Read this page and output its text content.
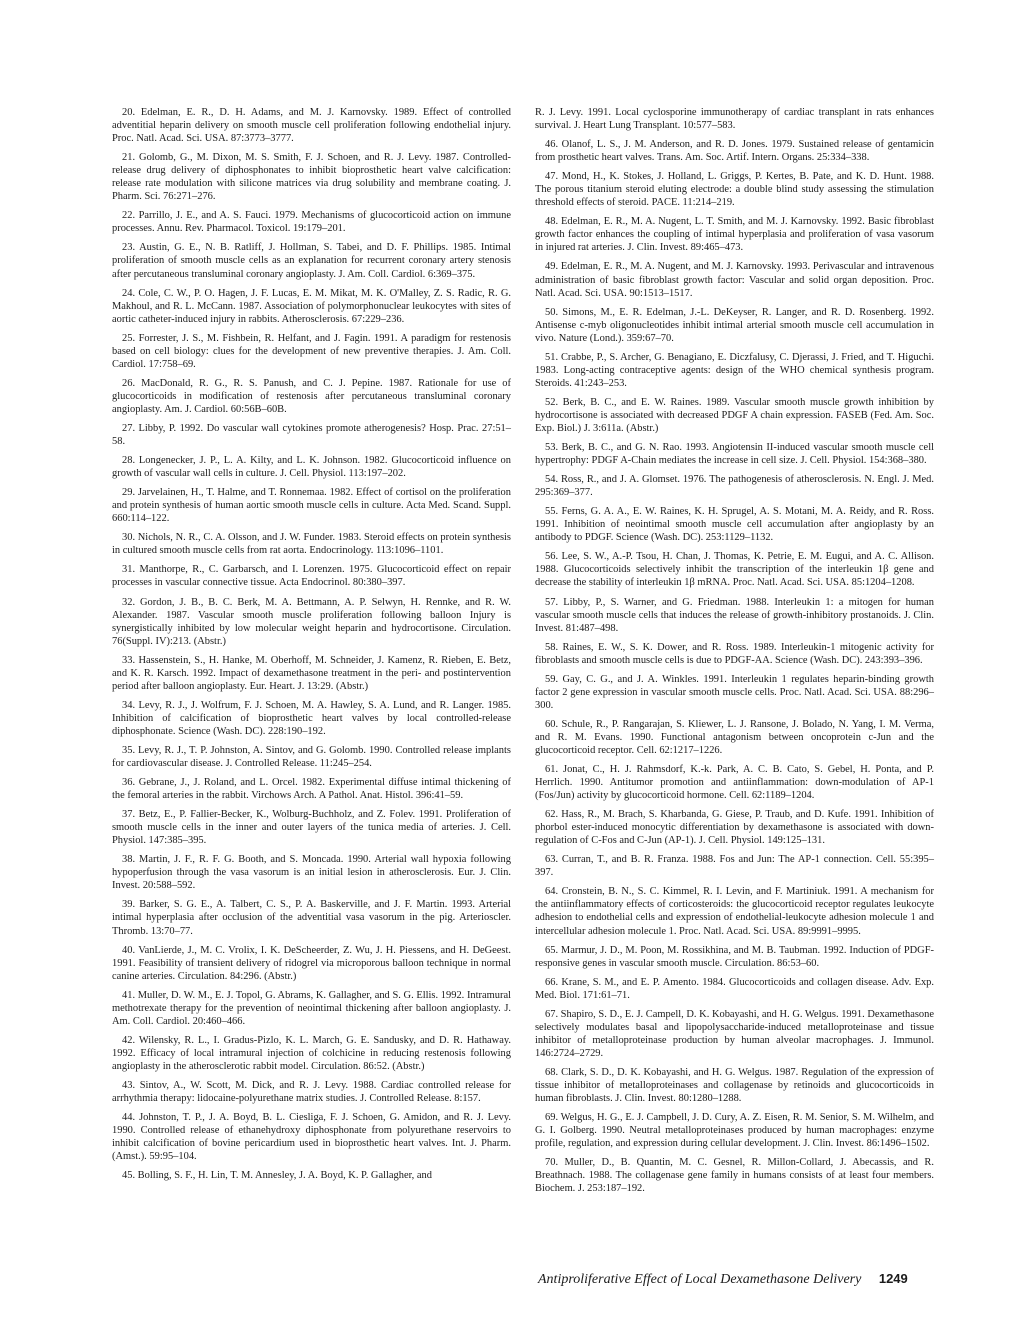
20. Edelman, E. R., D. H. Adams, and M. J. Karnovsky. 1989. Effect of controlled adventitial heparin delivery on smooth muscle cell proliferation following endothelial injury. Proc. Natl. Acad. Sci. USA. 87:3773–3777.

21. Golomb, G., M. Dixon, M. S. Smith, F. J. Schoen, and R. J. Levy. 1987. Controlled-release drug delivery of diphosphonates to inhibit bioprosthetic heart valve calcification: release rate modulation with silicone matrices via drug solubility and membrane coating. J. Pharm. Sci. 76:271–276.

22. Parrillo, J. E., and A. S. Fauci. 1979. Mechanisms of glucocorticoid action on immune processes. Annu. Rev. Pharmacol. Toxicol. 19:179–201.

23. Austin, G. E., N. B. Ratliff, J. Hollman, S. Tabei, and D. F. Phillips. 1985. Intimal proliferation of smooth muscle cells as an explanation for recurrent coronary artery stenosis after percutaneous transluminal coronary angioplasty. J. Am. Coll. Cardiol. 6:369–375.

24. Cole, C. W., P. O. Hagen, J. F. Lucas, E. M. Mikat, M. K. O'Malley, Z. S. Radic, R. G. Makhoul, and R. L. McCann. 1987. Association of polymorphonuclear leukocytes with sites of aortic catheter-induced injury in rabbits. Atherosclerosis. 67:229–236.

25. Forrester, J. S., M. Fishbein, R. Helfant, and J. Fagin. 1991. A paradigm for restenosis based on cell biology: clues for the development of new preventive therapies. J. Am. Coll. Cardiol. 17:758–69.

26. MacDonald, R. G., R. S. Panush, and C. J. Pepine. 1987. Rationale for use of glucocorticoids in modification of restenosis after percutaneous transluminal coronary angioplasty. Am. J. Cardiol. 60:56B–60B.

27. Libby, P. 1992. Do vascular wall cytokines promote atherogenesis? Hosp. Prac. 27:51–58.

28. Longenecker, J. P., L. A. Kilty, and L. K. Johnson. 1982. Glucocorticoid influence on growth of vascular wall cells in culture. J. Cell. Physiol. 113:197–202.

29. Jarvelainen, H., T. Halme, and T. Ronnemaa. 1982. Effect of cortisol on the proliferation and protein synthesis of human aortic smooth muscle cells in culture. Acta Med. Scand. Suppl. 660:114–122.

30. Nichols, N. R., C. A. Olsson, and J. W. Funder. 1983. Steroid effects on protein synthesis in cultured smooth muscle cells from rat aorta. Endocrinology. 113:1096–1101.

31. Manthorpe, R., C. Garbarsch, and I. Lorenzen. 1975. Glucocorticoid effect on repair processes in vascular connective tissue. Acta Endocrinol. 80:380–397.

32. Gordon, J. B., B. C. Berk, M. A. Bettmann, A. P. Selwyn, H. Rennke, and R. W. Alexander. 1987. Vascular smooth muscle proliferation following balloon Injury is synergistically inhibited by low molecular weight heparin and hydrocortisone. Circulation. 76(Suppl. IV):213. (Abstr.)

33. Hassenstein, S., H. Hanke, M. Oberhoff, M. Schneider, J. Kamenz, R. Rieben, E. Betz, and K. R. Karsch. 1992. Impact of dexamethasone treatment in the peri- and postintervention period after balloon angioplasty. Eur. Heart. J. 13:29. (Abstr.)

34. Levy, R. J., J. Wolfrum, F. J. Schoen, M. A. Hawley, S. A. Lund, and R. Langer. 1985. Inhibition of calcification of bioprosthetic heart valves by local controlled-release diphosphonate. Science (Wash. DC). 228:190–192.

35. Levy, R. J., T. P. Johnston, A. Sintov, and G. Golomb. 1990. Controlled release implants for cardiovascular disease. J. Controlled Release. 11:245–254.

36. Gebrane, J., J. Roland, and L. Orcel. 1982. Experimental diffuse intimal thickening of the femoral arteries in the rabbit. Virchows Arch. A Pathol. Anat. Histol. 396:41–59.

37. Betz, E., P. Fallier-Becker, K., Wolburg-Buchholz, and Z. Folev. 1991. Proliferation of smooth muscle cells in the inner and outer layers of the tunica media of arteries. J. Cell. Physiol. 147:385–395.

38. Martin, J. F., R. F. G. Booth, and S. Moncada. 1990. Arterial wall hypoxia following hypoperfusion through the vasa vasorum is an initial lesion in atherosclerosis. Eur. J. Clin. Invest. 20:588–592.

39. Barker, S. G. E., A. Talbert, C. S., P. A. Baskerville, and J. F. Martin. 1993. Arterial intimal hyperplasia after occlusion of the adventitial vasa vasorum in the pig. Arterioscler. Thromb. 13:70–77.

40. VanLierde, J., M. C. Vrolix, I. K. DeScheerder, Z. Wu, J. H. Piessens, and H. DeGeest. 1991. Feasibility of transient delivery of ridogrel via microporous balloon technique in normal canine arteries. Circulation. 84:296. (Abstr.)

41. Muller, D. W. M., E. J. Topol, G. Abrams, K. Gallagher, and S. G. Ellis. 1992. Intramural methotrexate therapy for the prevention of neointimal thickening after balloon angioplasty. J. Am. Coll. Cardiol. 20:460–466.

42. Wilensky, R. L., I. Gradus-Pizlo, K. L. March, G. E. Sandusky, and D. R. Hathaway. 1992. Efficacy of local intramural injection of colchicine in reducing restenosis following angioplasty in the atherosclerotic rabbit model. Circulation. 86:52. (Abstr.)

43. Sintov, A., W. Scott, M. Dick, and R. J. Levy. 1988. Cardiac controlled release for arrhythmia therapy: lidocaine-polyurethane matrix studies. J. Controlled Release. 8:157.

44. Johnston, T. P., J. A. Boyd, B. L. Ciesliga, F. J. Schoen, G. Amidon, and R. J. Levy. 1990. Controlled release of ethanehydroxy diphosphonate from polyurethane reservoirs to inhibit calcification of bovine pericardium used in bioprosthetic heart valves. Int. J. Pharm. (Amst.). 59:95–104.

45. Bolling, S. F., H. Lin, T. M. Annesley, J. A. Boyd, K. P. Gallagher, and

R. J. Levy. 1991. Local cyclosporine immunotherapy of cardiac transplant in rats enhances survival. J. Heart Lung Transplant. 10:577–583.

46. Olanof, L. S., J. M. Anderson, and R. D. Jones. 1979. Sustained release of gentamicin from prosthetic heart valves. Trans. Am. Soc. Artif. Intern. Organs. 25:334–338.

47. Mond, H., K. Stokes, J. Holland, L. Griggs, P. Kertes, B. Pate, and K. D. Hunt. 1988. The porous titanium steroid eluting electrode: a double blind study assessing the stimulation threshold effects of steroid. PACE. 11:214–219.

48. Edelman, E. R., M. A. Nugent, L. T. Smith, and M. J. Karnovsky. 1992. Basic fibroblast growth factor enhances the coupling of intimal hyperplasia and proliferation of vasa vasorum in injured rat arteries. J. Clin. Invest. 89:465–473.

49. Edelman, E. R., M. A. Nugent, and M. J. Karnovsky. 1993. Perivascular and intravenous administration of basic fibroblast growth factor: Vascular and solid organ deposition. Proc. Natl. Acad. Sci. USA. 90:1513–1517.

50. Simons, M., E. R. Edelman, J.-L. DeKeyser, R. Langer, and R. D. Rosenberg. 1992. Antisense c-myb oligonucleotides inhibit intimal arterial smooth muscle cell accumulation in vivo. Nature (Lond.). 359:67–70.

51. Crabbe, P., S. Archer, G. Benagiano, E. Diczfalusy, C. Djerassi, J. Fried, and T. Higuchi. 1983. Long-acting contraceptive agents: design of the WHO chemical synthesis program. Steroids. 41:243–253.

52. Berk, B. C., and E. W. Raines. 1989. Vascular smooth muscle growth inhibition by hydrocortisone is associated with decreased PDGF A chain expression. FASEB (Fed. Am. Soc. Exp. Biol.) J. 3:611a. (Abstr.)

53. Berk, B. C., and G. N. Rao. 1993. Angiotensin II-induced vascular smooth muscle cell hypertrophy: PDGF A-Chain mediates the increase in cell size. J. Cell. Physiol. 154:368–380.

54. Ross, R., and J. A. Glomset. 1976. The pathogenesis of atherosclerosis. N. Engl. J. Med. 295:369–377.

55. Ferns, G. A. A., E. W. Raines, K. H. Sprugel, A. S. Motani, M. A. Reidy, and R. Ross. 1991. Inhibition of neointimal smooth muscle cell accumulation after angioplasty by an antibody to PDGF. Science (Wash. DC). 253:1129–1132.

56. Lee, S. W., A.-P. Tsou, H. Chan, J. Thomas, K. Petrie, E. M. Eugui, and A. C. Allison. 1988. Glucocorticoids selectively inhibit the transcription of the interleukin 1β gene and decrease the stability of interleukin 1β mRNA. Proc. Natl. Acad. Sci. USA. 85:1204–1208.

57. Libby, P., S. Warner, and G. Friedman. 1988. Interleukin 1: a mitogen for human vascular smooth muscle cells that induces the release of growth-inhibitory prostanoids. J. Clin. Invest. 81:487–498.

58. Raines, E. W., S. K. Dower, and R. Ross. 1989. Interleukin-1 mitogenic activity for fibroblasts and smooth muscle cells is due to PDGF-AA. Science (Wash. DC). 243:393–396.

59. Gay, C. G., and J. A. Winkles. 1991. Interleukin 1 regulates heparin-binding growth factor 2 gene expression in vascular smooth muscle cells. Proc. Natl. Acad. Sci. USA. 88:296–300.

60. Schule, R., P. Rangarajan, S. Kliewer, L. J. Ransone, J. Bolado, N. Yang, I. M. Verma, and R. M. Evans. 1990. Functional antagonism between oncoprotein c-Jun and the glucocorticoid receptor. Cell. 62:1217–1226.

61. Jonat, C., H. J. Rahmsdorf, K.-k. Park, A. C. B. Cato, S. Gebel, H. Ponta, and P. Herrlich. 1990. Antitumor promotion and antiinflammation: down-modulation of AP-1 (Fos/Jun) activity by glucocorticoid hormone. Cell. 62:1189–1204.

62. Hass, R., M. Brach, S. Kharbanda, G. Giese, P. Traub, and D. Kufe. 1991. Inhibition of phorbol ester-induced monocytic differentiation by dexamethasone is associated with down-regulation of C-Fos and C-Jun (AP-1). J. Cell. Physiol. 149:125–131.

63. Curran, T., and B. R. Franza. 1988. Fos and Jun: The AP-1 connection. Cell. 55:395–397.

64. Cronstein, B. N., S. C. Kimmel, R. I. Levin, and F. Martiniuk. 1991. A mechanism for the antiinflammatory effects of corticosteroids: the glucocorticoid receptor regulates leukocyte adhesion to endothelial cells and expression of endothelial-leukocyte adhesion molecule 1 and intercellular adhesion molecule 1. Proc. Natl. Acad. Sci. USA. 89:9991–9995.

65. Marmur, J. D., M. Poon, M. Rossikhina, and M. B. Taubman. 1992. Induction of PDGF-responsive genes in vascular smooth muscle. Circulation. 86:53–60.

66. Krane, S. M., and E. P. Amento. 1984. Glucocorticoids and collagen disease. Adv. Exp. Med. Biol. 171:61–71.

67. Shapiro, S. D., E. J. Campell, D. K. Kobayashi, and H. G. Welgus. 1991. Dexamethasone selectively modulates basal and lipopolysaccharide-induced metalloproteinase and tissue inhibitor of metalloproteinase production by human alveolar macrophages. J. Immunol. 146:2724–2729.

68. Clark, S. D., D. K. Kobayashi, and H. G. Welgus. 1987. Regulation of the expression of tissue inhibitor of metalloproteinases and collagenase by retinoids and glucocorticoids in human fibroblasts. J. Clin. Invest. 80:1280–1288.

69. Welgus, H. G., E. J. Campbell, J. D. Cury, A. Z. Eisen, R. M. Senior, S. M. Wilhelm, and G. I. Golberg. 1990. Neutral metalloproteinases produced by human macrophages: enzyme profile, regulation, and expression during cellular development. J. Clin. Invest. 86:1496–1502.

70. Muller, D., B. Quantin, M. C. Gesnel, R. Millon-Collard, J. Abecassis, and R. Breathnach. 1988. The collagenase gene family in humans consists of at least four members. Biochem. J. 253:187–192.

Antiproliferative Effect of Local Dexamethasone Delivery 1249
